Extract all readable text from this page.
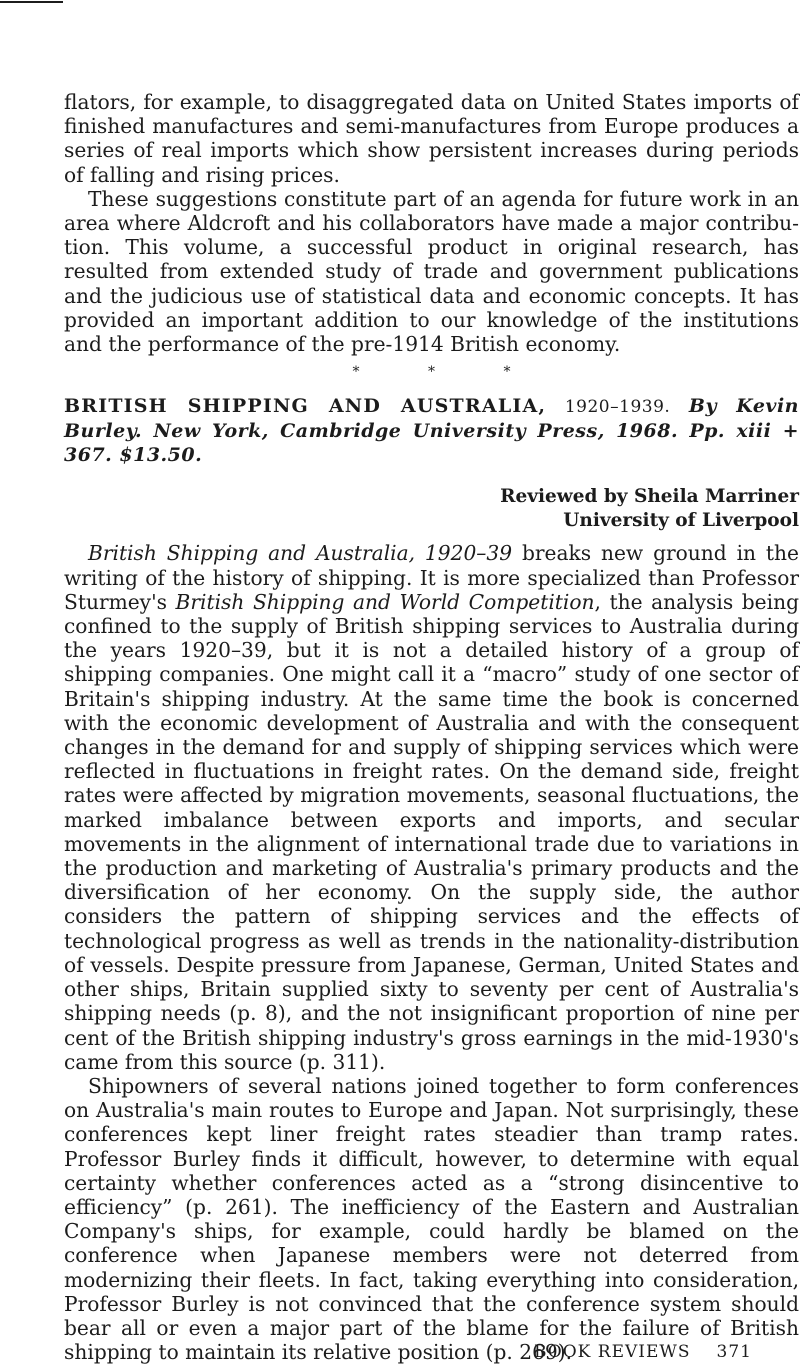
flators, for example, to disaggregated data on United States imports of finished manufactures and semi-manufactures from Europe produces a series of real imports which show persistent increases during periods of falling and rising prices.

These suggestions constitute part of an agenda for future work in an area where Aldcroft and his collaborators have made a major contribution. This volume, a successful product in original research, has resulted from extended study of trade and government publications and the judicious use of statistical data and economic concepts. It has provided an important addition to our knowledge of the institutions and the performance of the pre-1914 British economy.

* * *

BRITISH SHIPPING AND AUSTRALIA, 1920–1939. By Kevin Burley. New York, Cambridge University Press, 1968. Pp. xiii + 367. $13.50.

Reviewed by Sheila Marriner
University of Liverpool

British Shipping and Australia, 1920–39 breaks new ground in the writing of the history of shipping. It is more specialized than Professor Sturmey's British Shipping and World Competition, the analysis being confined to the supply of British shipping services to Australia during the years 1920–39, but it is not a detailed history of a group of shipping companies. One might call it a “macro” study of one sector of Britain's shipping industry. At the same time the book is concerned with the economic development of Australia and with the consequent changes in the demand for and supply of shipping services which were reflected in fluctuations in freight rates. On the demand side, freight rates were affected by migration movements, seasonal fluctuations, the marked imbalance between exports and imports, and secular movements in the alignment of international trade due to variations in the production and marketing of Australia's primary products and the diversification of her economy. On the supply side, the author considers the pattern of shipping services and the effects of technological progress as well as trends in the nationality-distribution of vessels. Despite pressure from Japanese, German, United States and other ships, Britain supplied sixty to seventy per cent of Australia's shipping needs (p. 8), and the not insignificant proportion of nine per cent of the British shipping industry's gross earnings in the mid-1930's came from this source (p. 311).

Shipowners of several nations joined together to form conferences on Australia's main routes to Europe and Japan. Not surprisingly, these conferences kept liner freight rates steadier than tramp rates. Professor Burley finds it difficult, however, to determine with equal certainty whether conferences acted as a “strong disincentive to efficiency” (p. 261). The inefficiency of the Eastern and Australian Company's ships, for example, could hardly be blamed on the conference when Japanese members were not deterred from modernizing their fleets. In fact, taking everything into consideration, Professor Burley is not convinced that the conference system should bear all or even a major part of the blame for the failure of British shipping to maintain its relative position (p. 269).

BOOK REVIEWS 371
